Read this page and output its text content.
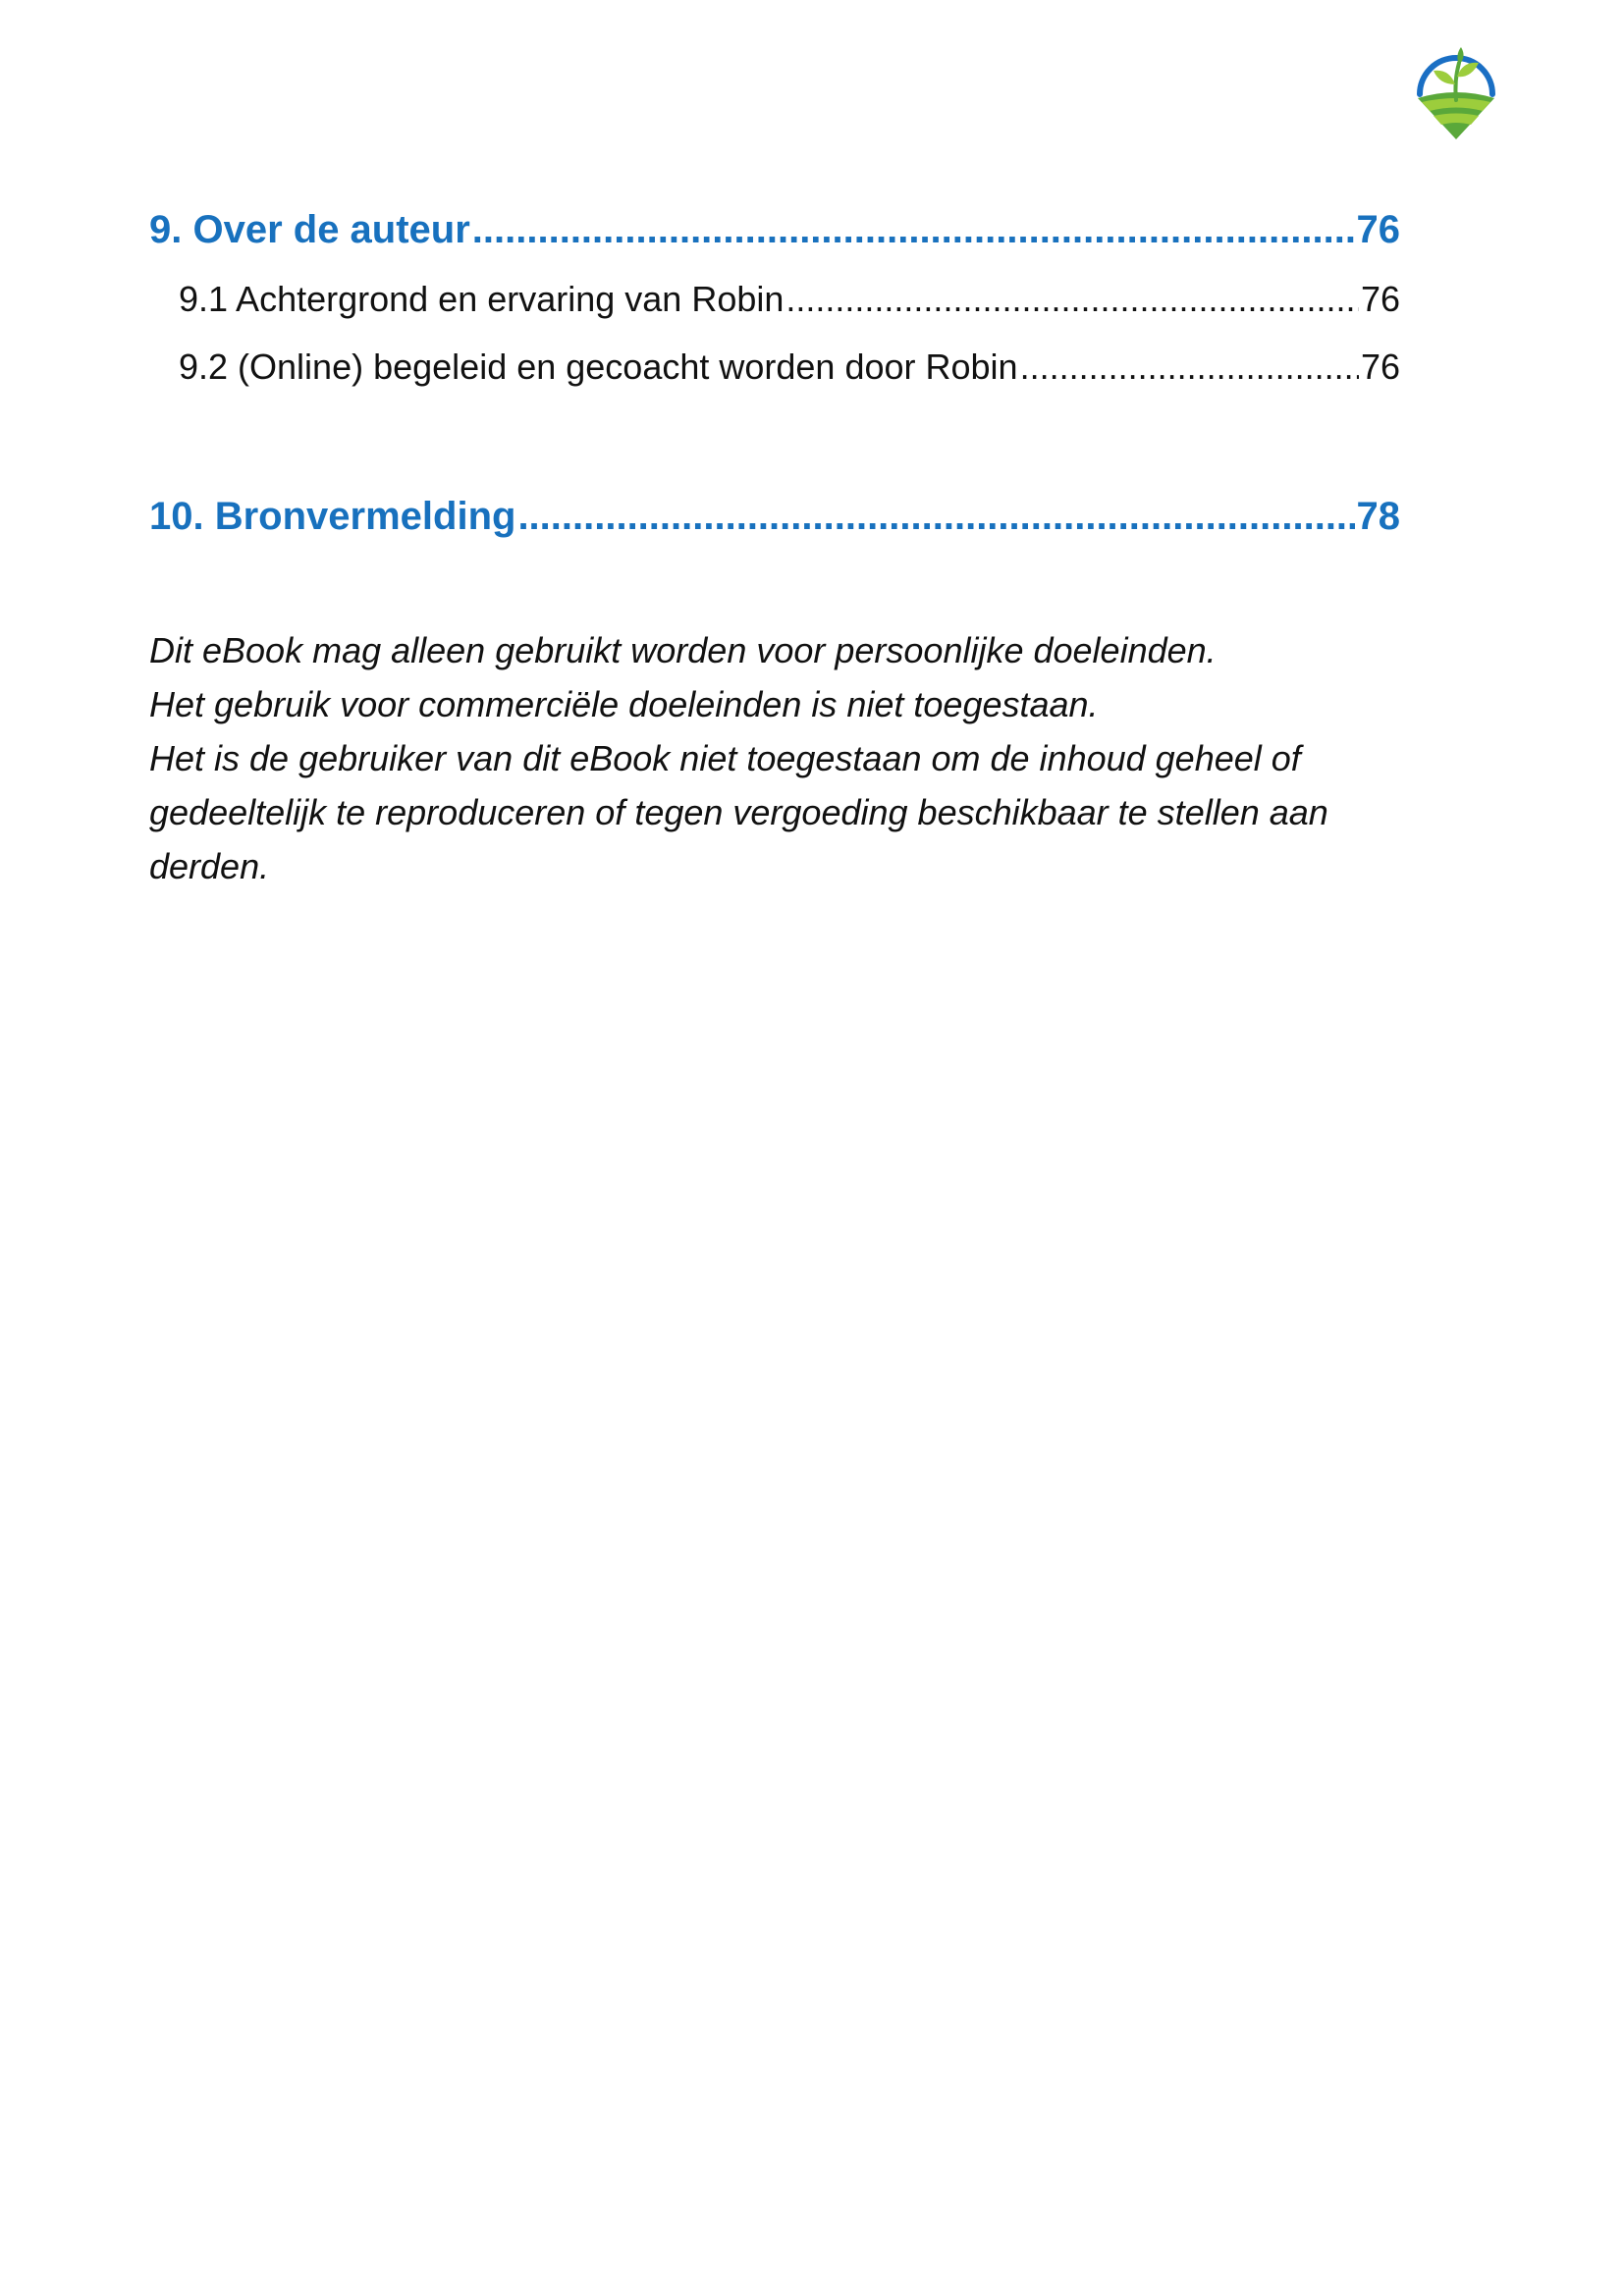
9. Over de auteur .....	76
9.1 Achtergrond en ervaring van Robin .....	76
9.2 (Online) begeleid en gecoacht worden door Robin .....	76
10. Bronvermelding .....	78

Dit eBook mag alleen gebruikt worden voor persoonlijke doeleinden.

Het gebruik voor commerciële doeleinden is niet toegestaan.

Het is de gebruiker van dit eBook niet toegestaan om de inhoud geheel of gedeeltelijk te reproduceren of tegen vergoeding beschikbaar te stellen aan derden.
